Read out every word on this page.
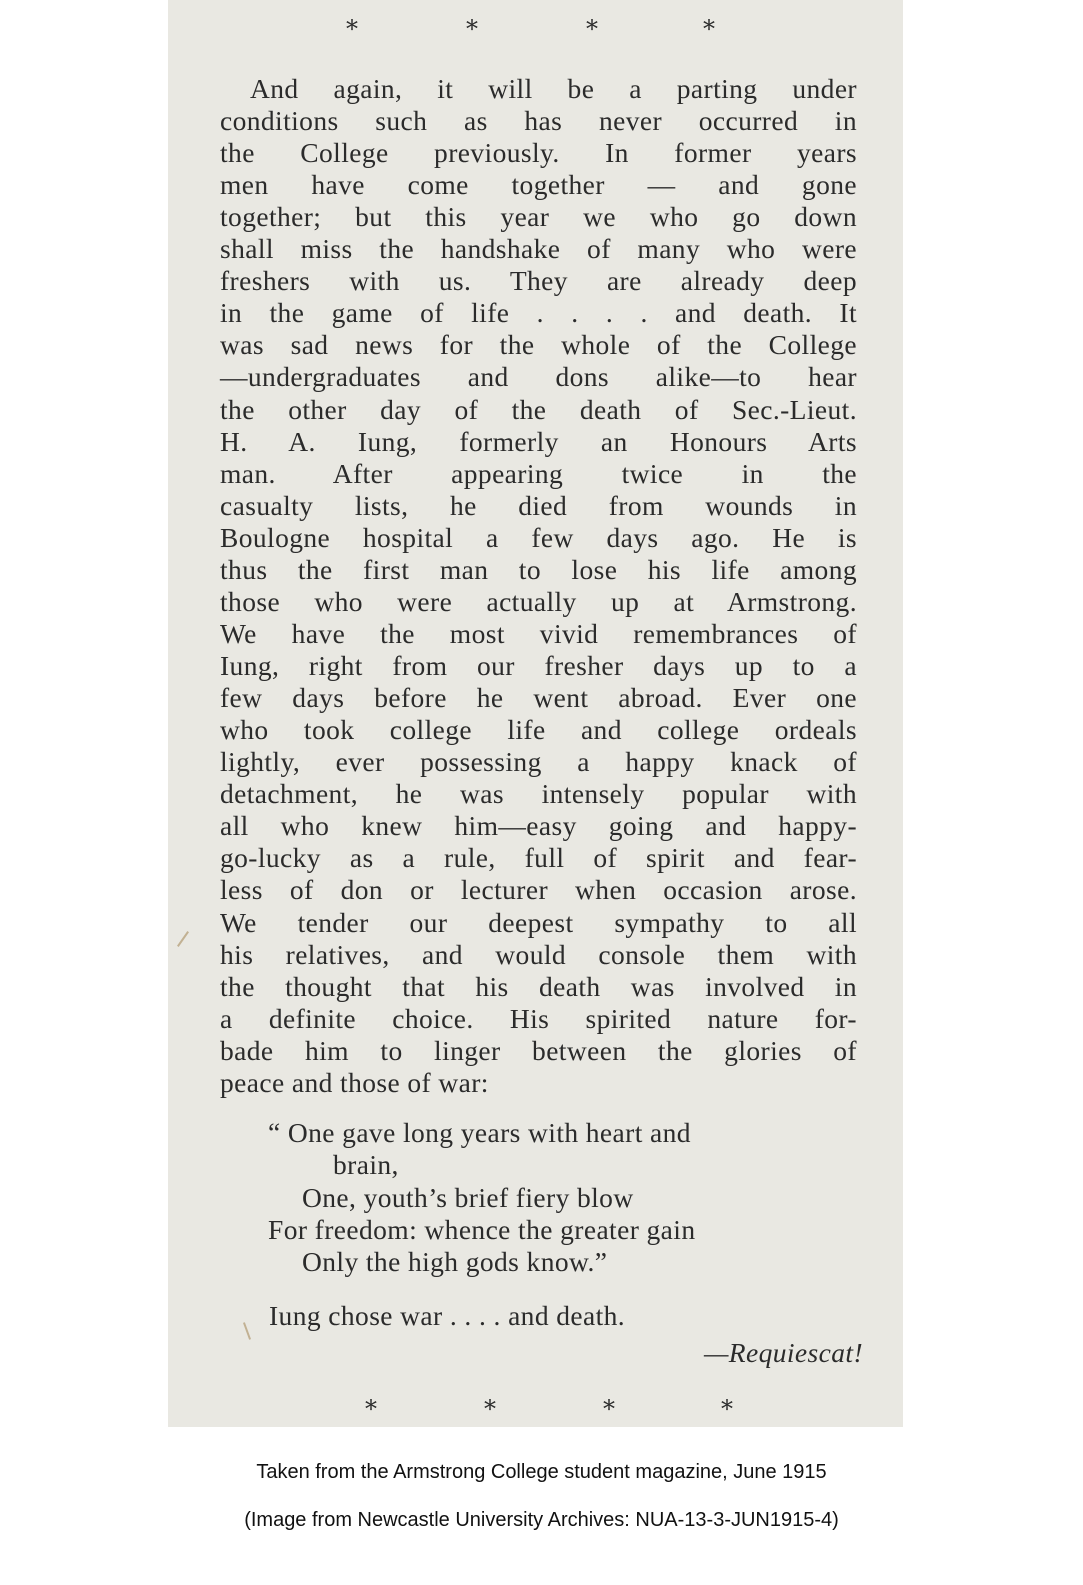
*	*	*	*
And again, it will be a parting under
conditions such as has never occurred in
the College previously. In former years
men have come together — and gone
together; but this year we who go down
shall miss the handshake of many who were
freshers with us. They are already deep
in the game of life . . . . and death. It
was sad news for the whole of the College
—undergraduates and dons alike—to hear
the other day of the death of Sec.-Lieut.
H. A. Iung, formerly an Honours Arts
man. After appearing twice in the
casualty lists, he died from wounds in
Boulogne hospital a few days ago. He is
thus the first man to lose his life among
those who were actually up at Armstrong.
We have the most vivid remembrances of
Iung, right from our fresher days up to a
few days before he went abroad. Ever one
who took college life and college ordeals
lightly, ever possessing a happy knack of
detachment, he was intensely popular with
all who knew him—easy going and happy-
go-lucky as a rule, full of spirit and fear-
less of don or lecturer when occasion arose.
We tender our deepest sympathy to all
his relatives, and would console them with
the thought that his death was involved in
a definite choice. His spirited nature for-
bade him to linger between the glories of
peace and those of war:
“ One gave long years with heart and
brain,
One, youth’s brief fiery blow
For freedom: whence the greater gain
Only the high gods know.”
Iung chose war . . . . and death.
—Requiescat!
*	*	*	*
Taken from the Armstrong College student magazine, June 1915
(Image from Newcastle University Archives: NUA-13-3-JUN1915-4)
